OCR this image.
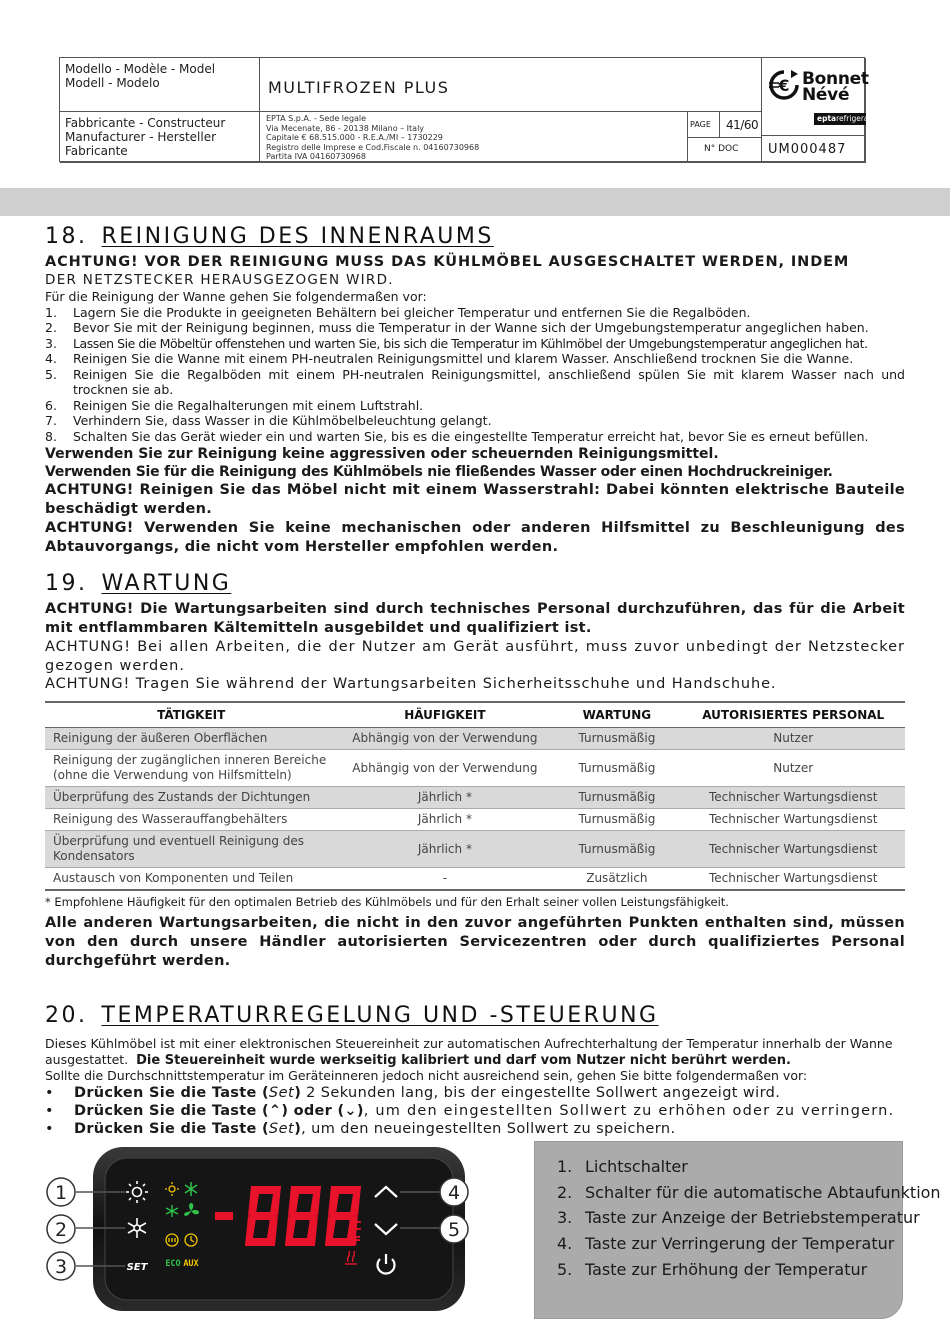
Modello - Modèle - Model
Modell - Modelo	MULTIFROZEN PLUS	€ Bonnet
Névé
eptarefrigeration
Fabbricante - Constructeur
Manufacturer - Hersteller
Fabricante
EPTA S.p.A. - Sede legale
Via Mecenate, 86 - 20138 Milano – Italy
Capitale € 68.515.000 - R.E.A./MI – 1730229
Registro delle Imprese e Cod.Fiscale n. 04160730968
Partita IVA 04160730968
PAGE	41/60
N° DOC	UM000487
18. REINIGUNG DES INNENRAUMS
ACHTUNG! VOR DER REINIGUNG MUSS DAS KÜHLMÖBEL AUSGESCHALTET WERDEN, INDEM
DER NETZSTECKER HERAUSGEZOGEN WIRD.
Für die Reinigung der Wanne gehen Sie folgendermaßen vor:
1.	Lagern Sie die Produkte in geeigneten Behältern bei gleicher Temperatur und entfernen Sie die Regalböden.
2.	Bevor Sie mit der Reinigung beginnen, muss die Temperatur in der Wanne sich der Umgebungstemperatur angeglichen haben.
3.	Lassen Sie die Möbeltür offenstehen und warten Sie, bis sich die Temperatur im Kühlmöbel der Umgebungstemperatur angeglichen hat.
4.	Reinigen Sie die Wanne mit einem PH-neutralen Reinigungsmittel und klarem Wasser. Anschließend trocknen Sie die Wanne.
5.	Reinigen Sie die Regalböden mit einem PH-neutralen Reinigungsmittel, anschließend spülen Sie mit klarem Wasser nach und trocknen sie ab.
6.	Reinigen Sie die Regalhalterungen mit einem Luftstrahl.
7.	Verhindern Sie, dass Wasser in die Kühlmöbelbeleuchtung gelangt.
8.	Schalten Sie das Gerät wieder ein und warten Sie, bis es die eingestellte Temperatur erreicht hat, bevor Sie es erneut befüllen.
Verwenden Sie zur Reinigung keine aggressiven oder scheuernden Reinigungsmittel.
Verwenden Sie für die Reinigung des Kühlmöbels nie fließendes Wasser oder einen Hochdruckreiniger.
ACHTUNG! Reinigen Sie das Möbel nicht mit einem Wasserstrahl: Dabei könnten elektrische Bauteile beschädigt werden.
ACHTUNG! Verwenden Sie keine mechanischen oder anderen Hilfsmittel zu Beschleunigung des Abtauvorgangs, die nicht vom Hersteller empfohlen werden.
19. WARTUNG
ACHTUNG! Die Wartungsarbeiten sind durch technisches Personal durchzuführen, das für die Arbeit mit entflammbaren Kältemitteln ausgebildet und qualifiziert ist.
ACHTUNG! Bei allen Arbeiten, die der Nutzer am Gerät ausführt, muss zuvor unbedingt der Netzstecker gezogen werden.
ACHTUNG! Tragen Sie während der Wartungsarbeiten Sicherheitsschuhe und Handschuhe.
TÄTIGKEIT	HÄUFIGKEIT	WARTUNG	AUTORISIERTES PERSONAL
Reinigung der äußeren Oberflächen	Abhängig von der Verwendung	Turnusmäßig	Nutzer

Reinigung der zugänglichen inneren Bereiche
(ohne die Verwendung von Hilfsmitteln)	Abhängig von der Verwendung	Turnusmäßig	Nutzer
Überprüfung des Zustands der Dichtungen	Jährlich *	Turnusmäßig	Technischer Wartungsdienst
Reinigung des Wasserauffangbehälters	Jährlich *	Turnusmäßig	Technischer Wartungsdienst
Überprüfung und eventuell Reinigung des Kondensators	Jährlich *	Turnusmäßig	Technischer Wartungsdienst
Austausch von Komponenten und Teilen	-	Zusätzlich	Technischer Wartungsdienst
* Empfohlene Häufigkeit für den optimalen Betrieb des Kühlmöbels und für den Erhalt seiner vollen Leistungsfähigkeit.
Alle anderen Wartungsarbeiten, die nicht in den zuvor angeführten Punkten enthalten sind, müssen von den durch unsere Händler autorisierten Servicezentren oder durch qualifiziertes Personal durchgeführt werden.
20. TEMPERATURREGELUNG UND -STEUERUNG
Dieses Kühlmöbel ist mit einer elektronischen Steuereinheit zur automatischen Aufrechterhaltung der Temperatur innerhalb der Wanne ausgestattet. Die Steuereinheit wurde werkseitig kalibriert und darf vom Nutzer nicht berührt werden.
Sollte die Durchschnittstemperatur im Geräteinneren jedoch nicht ausreichend sein, gehen Sie bitte folgendermaßen vor:
•	Drücken Sie die Taste (Set) 2 Sekunden lang, bis der eingestellte Sollwert angezeigt wird.
•	Drücken Sie die Taste (⌃) oder (⌄), um den eingestellten Sollwert zu erhöhen oder zu verringern.
•	Drücken Sie die Taste (Set), um den neueingestellten Sollwert zu speichern.
1
2
3
4
5
SET ECO AUX
C
F
1. Lichtschalter
2. Schalter für die automatische Abtaufunktion
3. Taste zur Anzeige der Betriebstemperatur
4. Taste zur Verringerung der Temperatur
5. Taste zur Erhöhung der Temperatur
